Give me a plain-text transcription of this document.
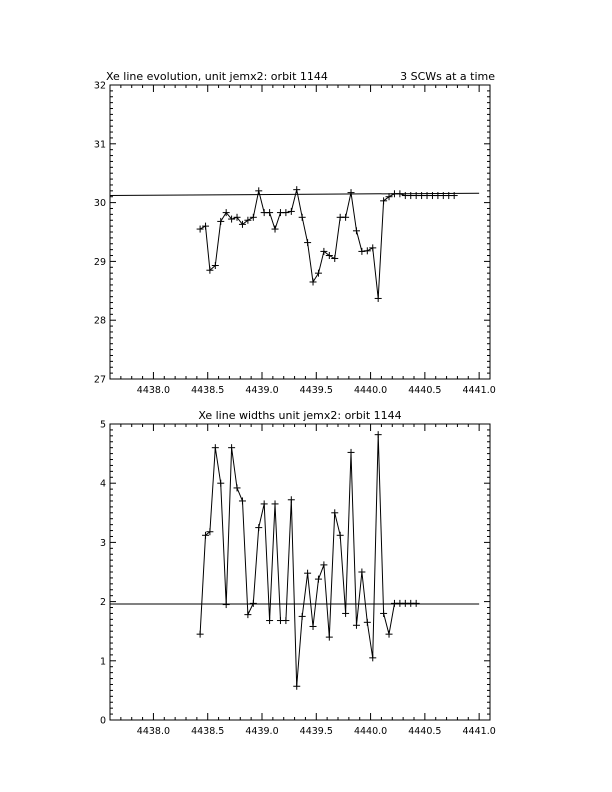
Xe line evolution, unit jemx2: orbit 1144	3 SCWs at a time
27
28
29
30
31
32
4438.0 4438.5 4439.0 4439.5 4440.0 4440.5 4441.0
Xe line widths unit jemx2: orbit 1144
0
1
2
3
4
5
4438.0 4438.5 4439.0 4439.5 4440.0 4440.5 4441.0
